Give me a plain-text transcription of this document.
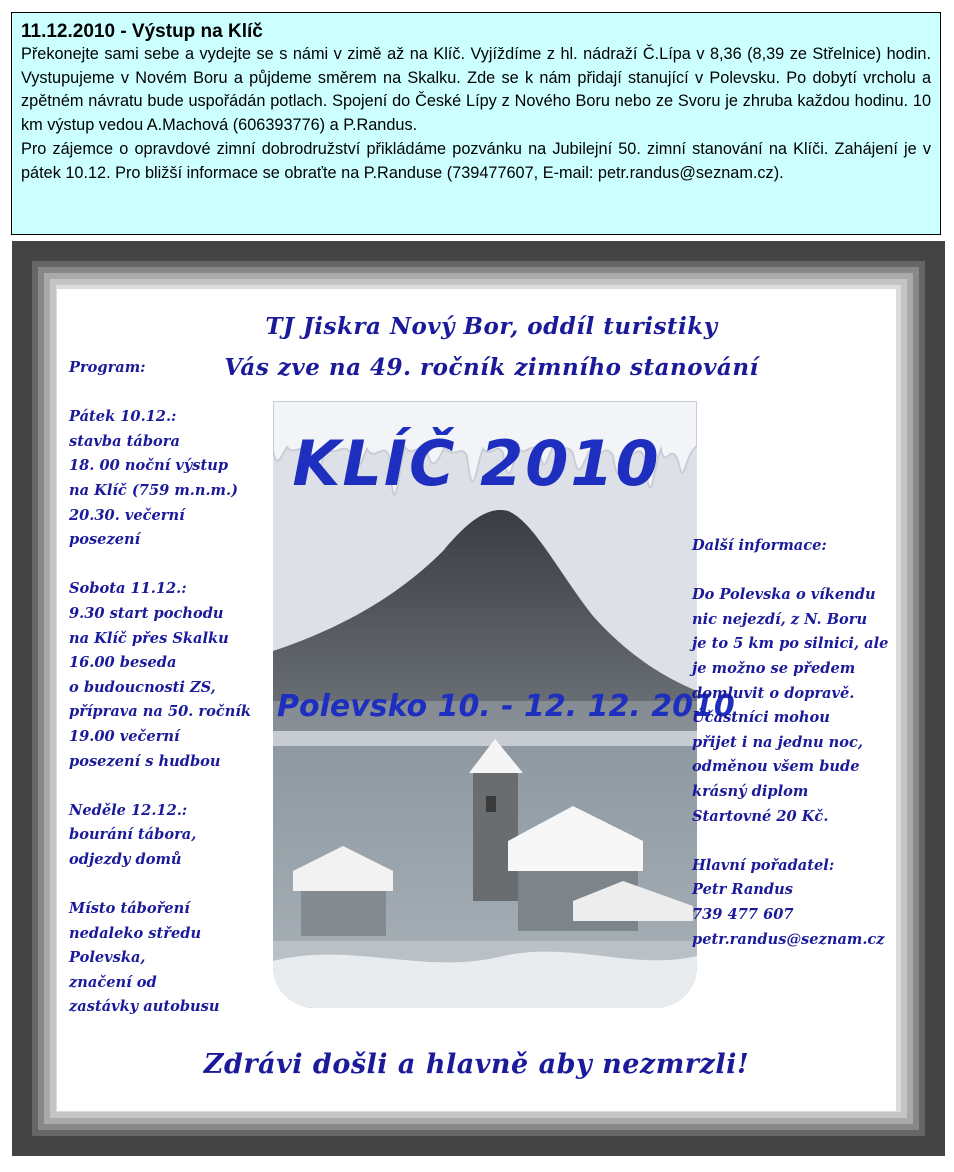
11.12.2010 - Výstup na Klíč

Překonejte sami sebe a vydejte se s námi v zimě až na Klíč. Vyjíždíme z hl. nádraží Č.Lípa v 8,36 (8,39 ze Střelnice) hodin. Vystupujeme v Novém Boru a půjdeme směrem na Skalku. Zde se k nám přidají stanující v Polevsku. Po dobytí vrcholu a zpětném návratu bude uspořádán potlach. Spojení do České Lípy z Nového Boru nebo ze Svoru je zhruba každou hodinu. 10 km výstup vedou A.Machová (606393776) a P.Randus.

Pro zájemce o opravdové zimní dobrodružství přikládáme pozvánku na Jubilejní 50. zimní stanování na Klíči. Zahájení je v pátek 10.12. Pro bližší informace se obraťte na P.Randuse (739477607, E-mail: petr.randus@seznam.cz).

TJ Jiskra Nový Bor, oddíl turistiky
Vás zve na 49. ročník zimního stanování
KLÍČ 2010
Polevsko 10. - 12. 12. 2010

Program:

Pátek 10.12.:

stavba tábora

18. 00 noční výstup

na Klíč (759 m.n.m.)

20.30. večerní

posezení

Sobota 11.12.:

9.30 start pochodu

na Klíč přes Skalku

16.00 beseda

o budoucnosti ZS,

příprava na 50. ročník

19.00 večerní

posezení s hudbou

Neděle 12.12.:

bourání tábora,

odjezdy domů

Místo táboření

nedaleko středu

Polevska,

značení od

zastávky autobusu

Další informace:

Do Polevska o víkendu

nic nejezdí, z N. Boru

je to 5 km po silnici, ale

je možno se předem

domluvit o dopravě.

Účastníci mohou

přijet i na jednu noc,

odměnou všem bude

krásný diplom

Startovné 20 Kč.

Hlavní pořadatel:

Petr Randus

739 477 607

petr.randus@seznam.cz

Zdrávi došli a hlavně aby nezmrzli!
